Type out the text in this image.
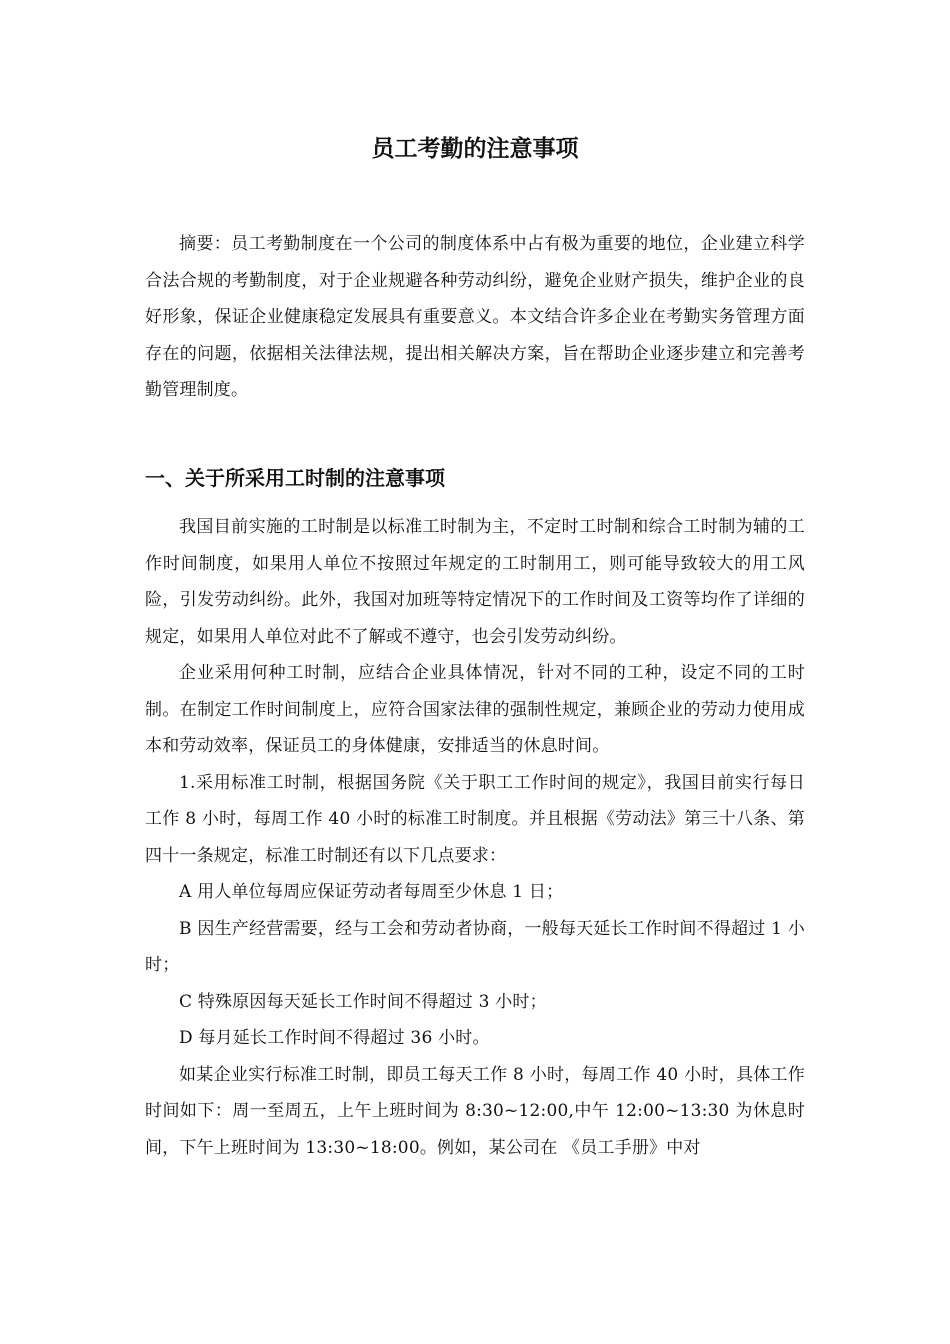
员工考勤的注意事项

摘要：员工考勤制度在一个公司的制度体系中占有极为重要的地位，企业建立科学合法合规的考勤制度，对于企业规避各种劳动纠纷，避免企业财产损失，维护企业的良好形象，保证企业健康稳定发展具有重要意义。本文结合许多企业在考勤实务管理方面存在的问题，依据相关法律法规，提出相关解决方案，旨在帮助企业逐步建立和完善考勤管理制度。

一、关于所采用工时制的注意事项

我国目前实施的工时制是以标准工时制为主，不定时工时制和综合工时制为辅的工作时间制度，如果用人单位不按照过年规定的工时制用工，则可能导致较大的用工风险，引发劳动纠纷。此外，我国对加班等特定情况下的工作时间及工资等均作了详细的规定，如果用人单位对此不了解或不遵守，也会引发劳动纠纷。

企业采用何种工时制，应结合企业具体情况，针对不同的工种，设定不同的工时制。在制定工作时间制度上，应符合国家法律的强制性规定，兼顾企业的劳动力使用成本和劳动效率，保证员工的身体健康，安排适当的休息时间。

1.采用标准工时制，根据国务院《关于职工工作时间的规定》，我国目前实行每日工作 8 小时，每周工作 40 小时的标准工时制度。并且根据《劳动法》第三十八条、第四十一条规定，标准工时制还有以下几点要求：

A 用人单位每周应保证劳动者每周至少休息 1 日；

B 因生产经营需要，经与工会和劳动者协商，一般每天延长工作时间不得超过 1 小时；

C 特殊原因每天延长工作时间不得超过 3 小时；

D 每月延长工作时间不得超过 36 小时。

如某企业实行标准工时制，即员工每天工作 8 小时，每周工作 40 小时，具体工作时间如下：周一至周五，上午上班时间为 8:30~12:00,中午 12:00~13:30 为休息时间，下午上班时间为 13:30~18:00。例如，某公司在 《员工手册》中对
